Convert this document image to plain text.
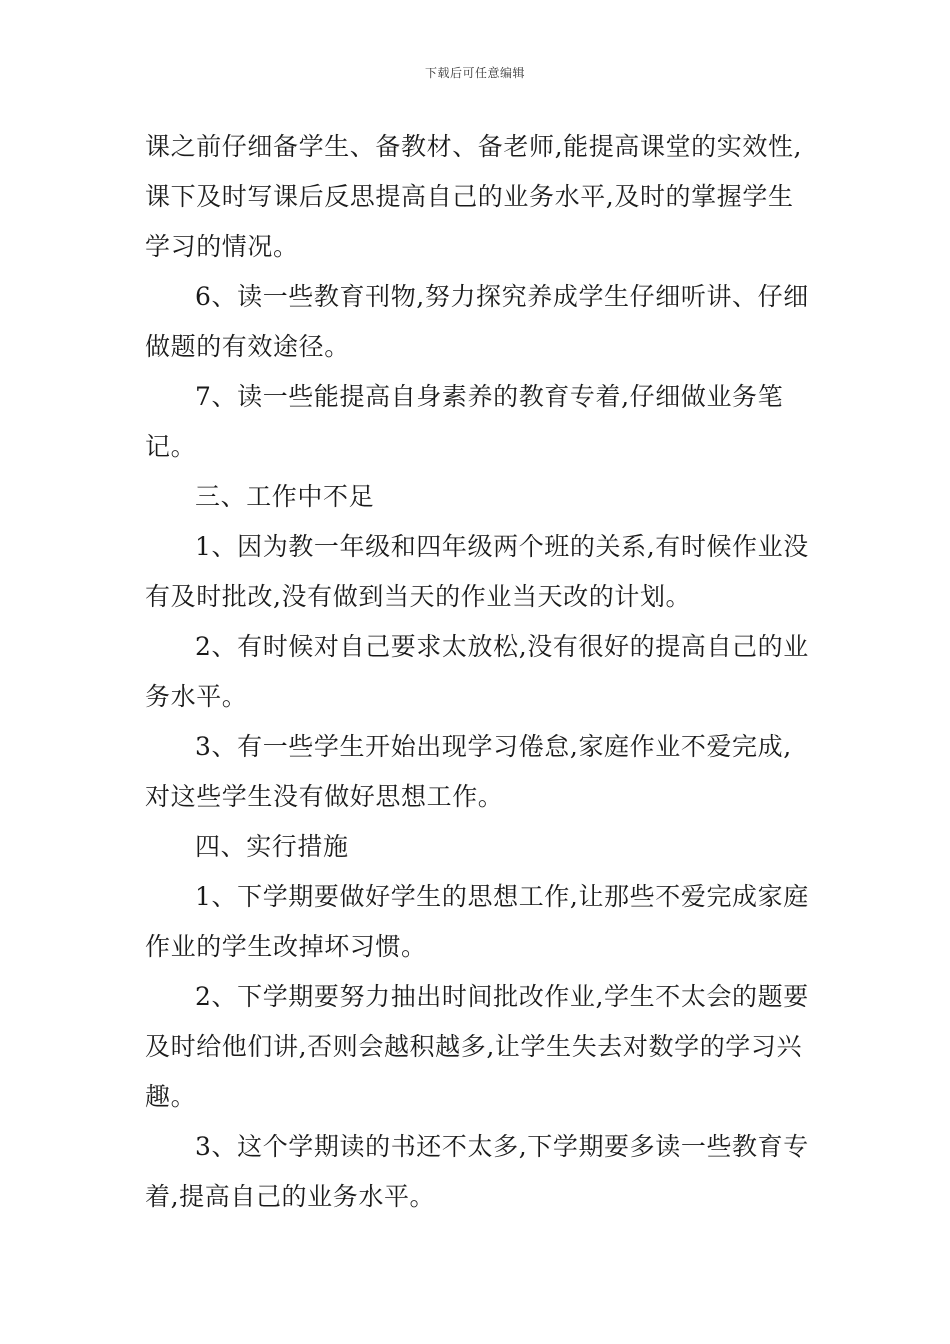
下载后可任意编辑

课之前仔细备学生、备教材、备老师,能提高课堂的实效性,课下及时写课后反思提高自己的业务水平,及时的掌握学生学习的情况。

6、读一些教育刊物,努力探究养成学生仔细听讲、仔细做题的有效途径。

7、读一些能提高自身素养的教育专着,仔细做业务笔记。

三、工作中不足

1、因为教一年级和四年级两个班的关系,有时候作业没有及时批改,没有做到当天的作业当天改的计划。

2、有时候对自己要求太放松,没有很好的提高自己的业务水平。

3、有一些学生开始出现学习倦怠,家庭作业不爱完成,对这些学生没有做好思想工作。

四、实行措施

1、下学期要做好学生的思想工作,让那些不爱完成家庭作业的学生改掉坏习惯。

2、下学期要努力抽出时间批改作业,学生不太会的题要及时给他们讲,否则会越积越多,让学生失去对数学的学习兴趣。

3、这个学期读的书还不太多,下学期要多读一些教育专着,提高自己的业务水平。
